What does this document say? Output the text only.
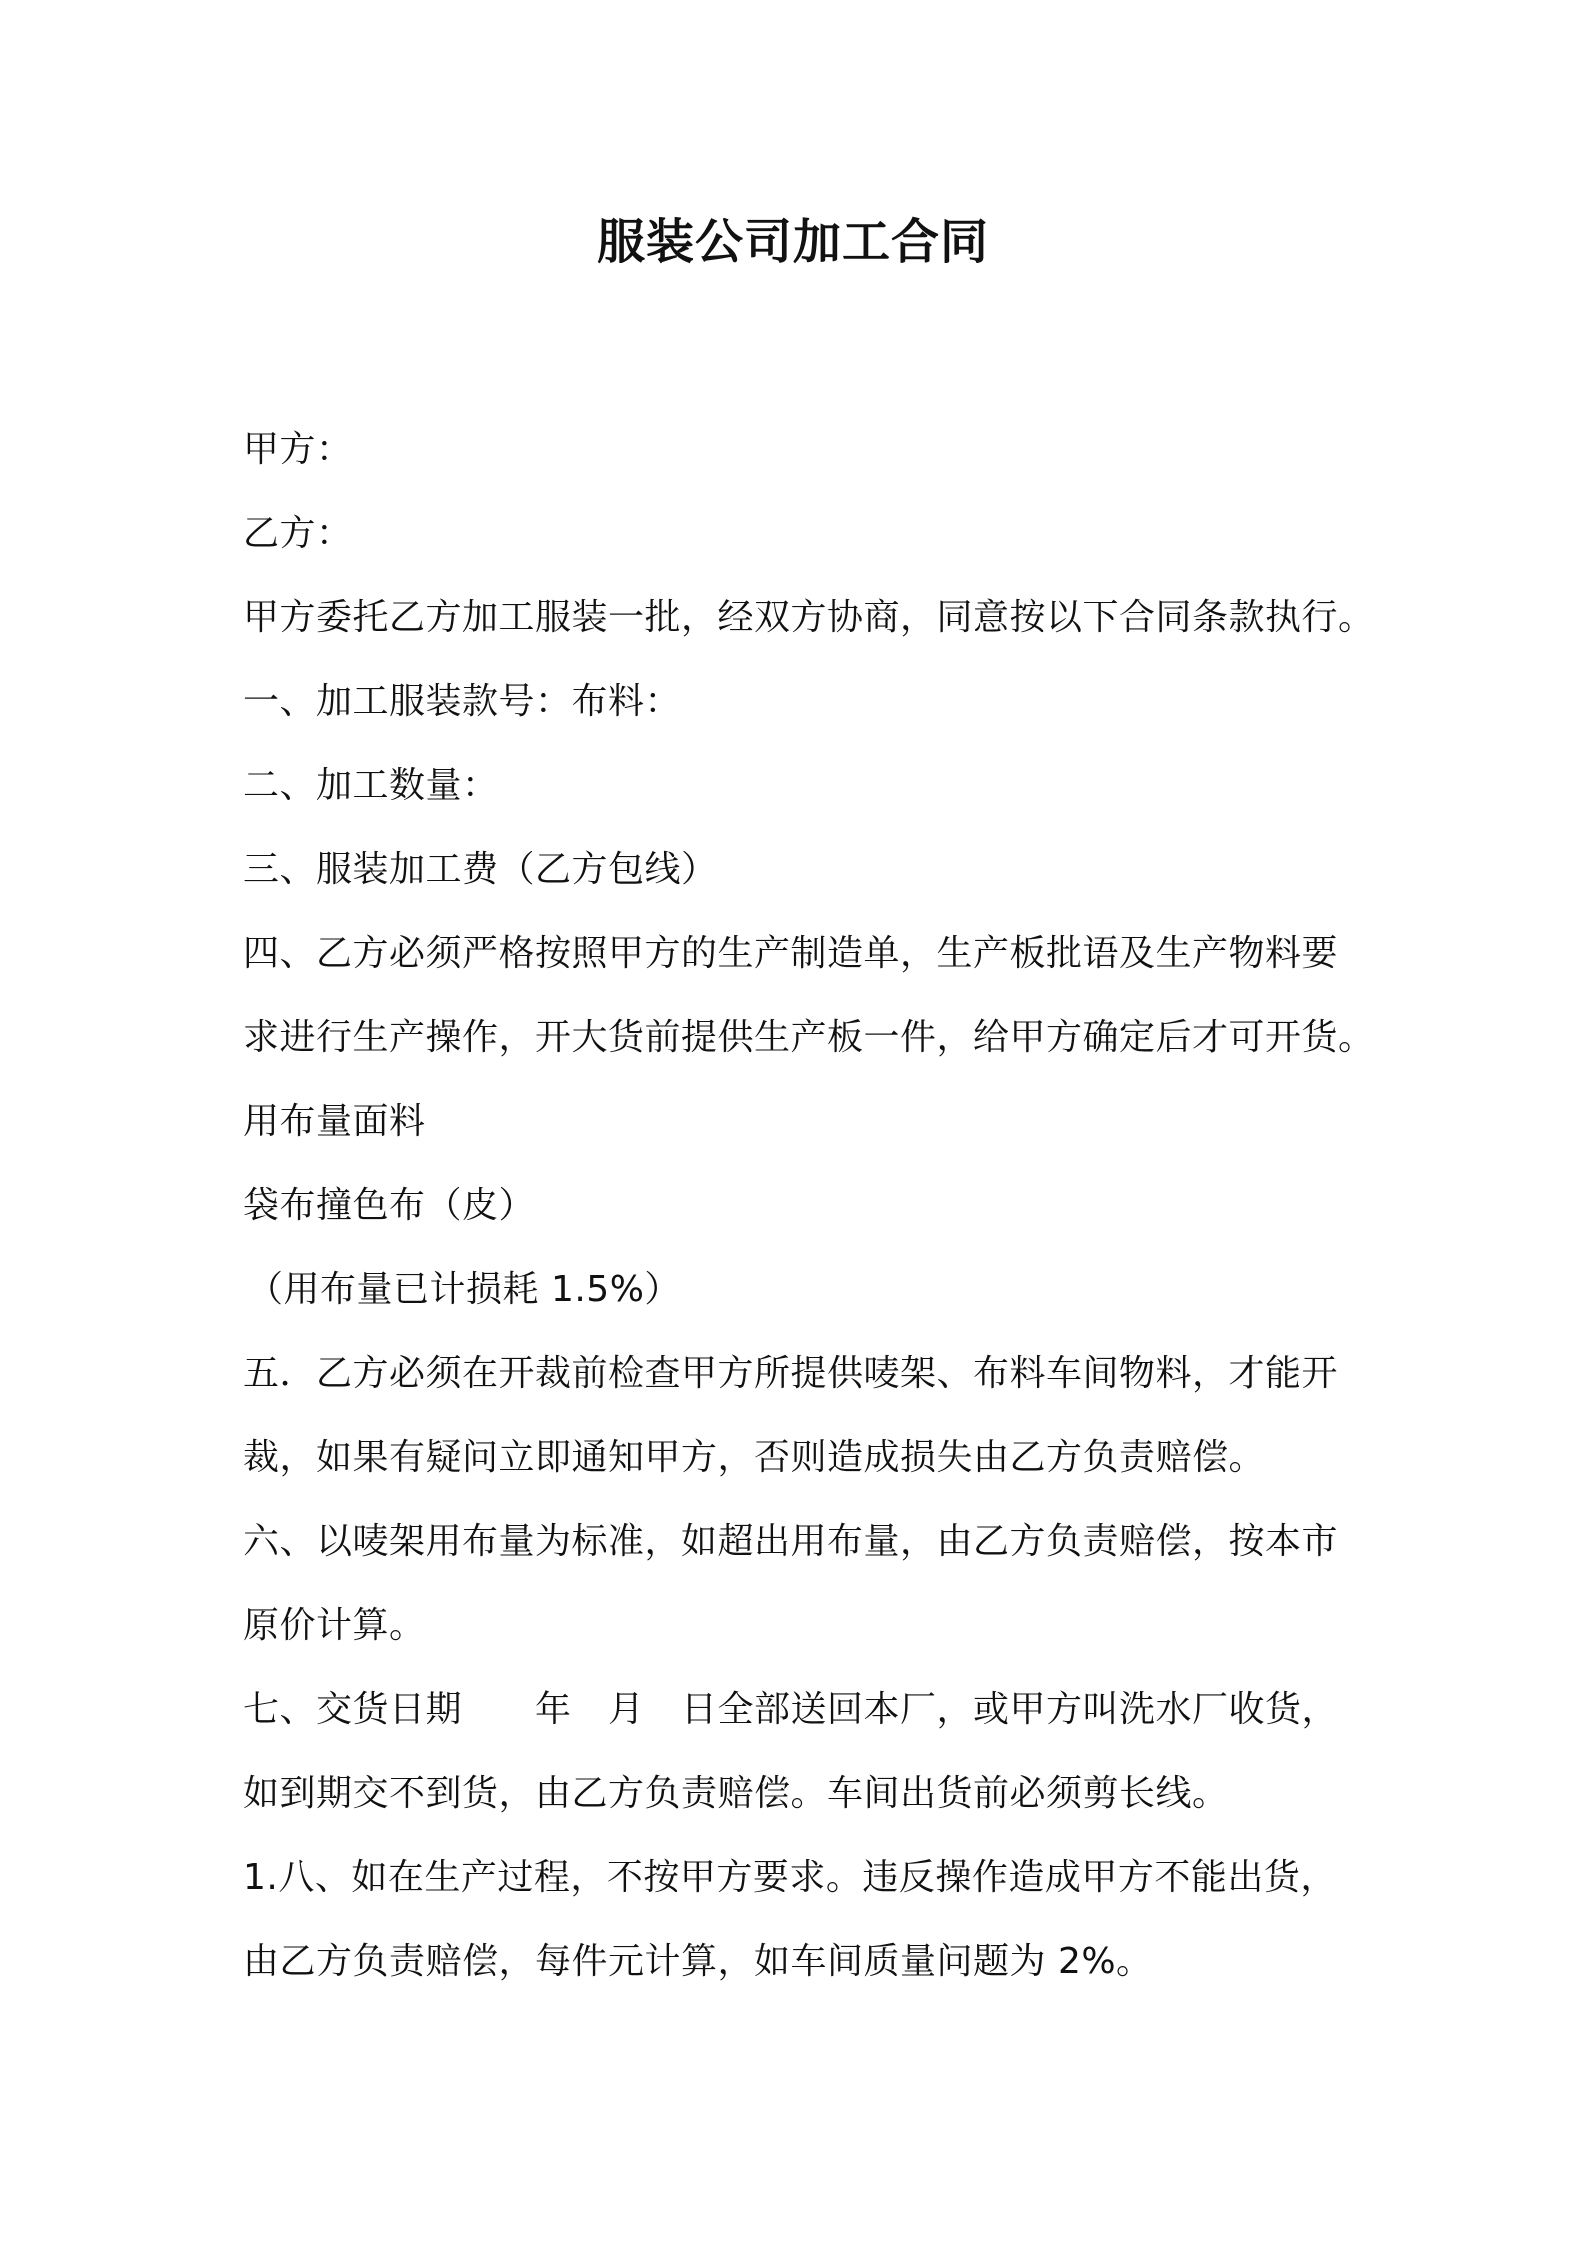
服装公司加工合同
甲方：
乙方：
甲方委托乙方加工服装一批，经双方协商，同意按以下合同条款执行。
一、加工服装款号：布料：
二、加工数量：
三、服装加工费（乙方包线）
四、乙方必须严格按照甲方的生产制造单，生产板批语及生产物料要
求进行生产操作，开大货前提供生产板一件，给甲方确定后才可开货。
用布量面料
袋布撞色布（皮）
（用布量已计损耗 1.5%）
五．乙方必须在开裁前检查甲方所提供唛架、布料车间物料，才能开
裁，如果有疑问立即通知甲方，否则造成损失由乙方负责赔偿。
六、以唛架用布量为标准，如超出用布量，由乙方负责赔偿，按本市
原价计算。
七、交货日期　　年　月　日全部送回本厂，或甲方叫洗水厂收货，
如到期交不到货，由乙方负责赔偿。车间出货前必须剪长线。
1.八、如在生产过程，不按甲方要求。违反操作造成甲方不能出货，
由乙方负责赔偿，每件元计算，如车间质量问题为 2%。
